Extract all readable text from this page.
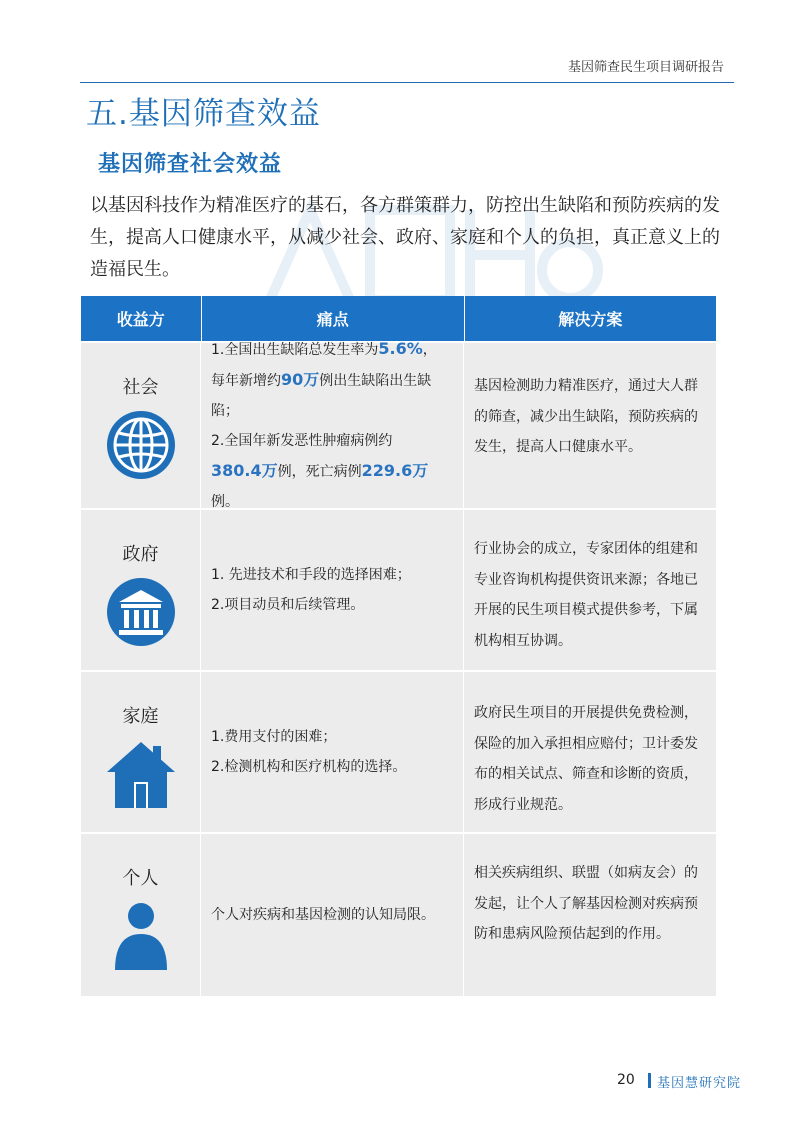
基因筛查民生项目调研报告
五.基因筛查效益
基因筛查社会效益

以基因科技作为精准医疗的基石，各方群策群力，防控出生缺陷和预防疾病的发生，提高人口健康水平，从减少社会、政府、家庭和个人的负担，真正意义上的造福民生。

收益方	痛点	解决方案
社会
1.全国出生缺陷总发生率为5.6%，
每年新增约90万例出生缺陷出生缺陷；
2.全国年新发恶性肿瘤病例约
380.4万例，死亡病例229.6万例。
基因检测助力精准医疗，通过大人群的筛查，减少出生缺陷，预防疾病的发生，提高人口健康水平。
政府
1. 先进技术和手段的选择困难；
2.项目动员和后续管理。
行业协会的成立，专家团体的组建和专业咨询机构提供资讯来源；各地已开展的民生项目模式提供参考，下属机构相互协调。
家庭
1.费用支付的困难；
2.检测机构和医疗机构的选择。
政府民生项目的开展提供免费检测，保险的加入承担相应赔付；卫计委发布的相关试点、筛查和诊断的资质，形成行业规范。
个人
个人对疾病和基因检测的认知局限。
相关疾病组织、联盟（如病友会）的发起，让个人了解基因检测对疾病预防和患病风险预估起到的作用。
20 基因慧研究院
